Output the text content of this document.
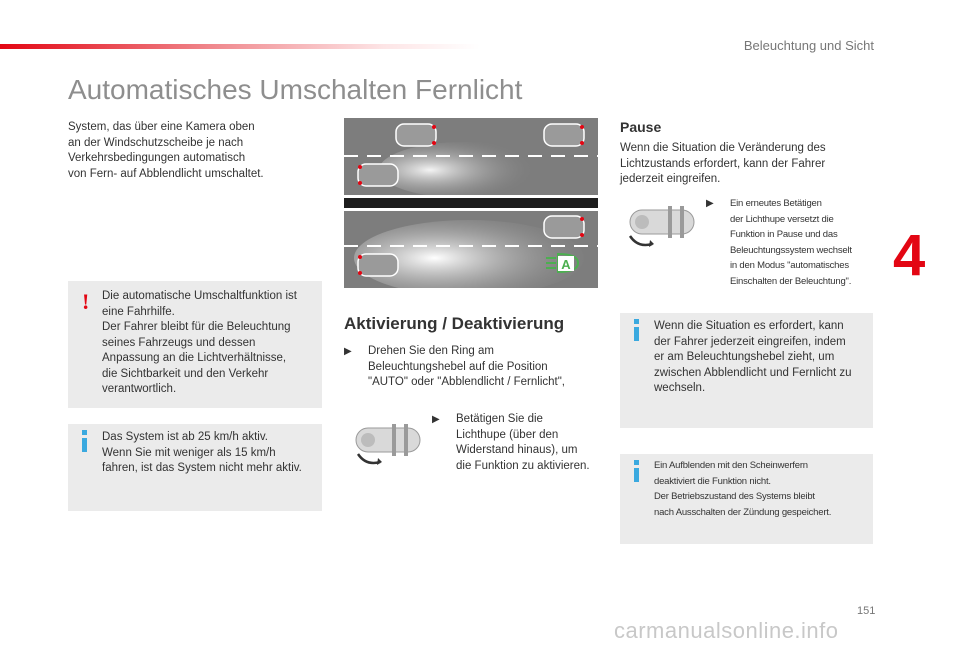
Beleuchtung und Sicht
Automatisches Umschalten Fernlicht

System, das über eine Kamera oben
an der Windschutzscheibe je nach
Verkehrsbedingungen automatisch
von Fern- auf Abblendlicht umschaltet.

! Die automatische Umschaltfunktion ist
eine Fahrhilfe.
Der Fahrer bleibt für die Beleuchtung
seines Fahrzeugs und dessen
Anpassung an die Lichtverhältnisse,
die Sichtbarkeit und den Verkehr
verantwortlich.
Das System ist ab 25 km/h aktiv.
Wenn Sie mit weniger als 15 km/h
fahren, ist das System nicht mehr aktiv.
A
Aktivierung / Deaktivierung
▶ Drehen Sie den Ring am
Beleuchtungshebel auf die Position
"AUTO" oder "Abblendlicht / Fernlicht",
▶ Betätigen Sie die
Lichthupe (über den
Widerstand hinaus), um
die Funktion zu aktivieren.
Pause

Wenn die Situation die Veränderung des
Lichtzustands erfordert, kann der Fahrer
jederzeit eingreifen.

▶ Ein erneutes Betätigen
der Lichthupe versetzt die
Funktion in Pause und das
Beleuchtungssystem wechselt
in den Modus "automatisches
Einschalten der Beleuchtung".
Wenn die Situation es erfordert, kann
der Fahrer jederzeit eingreifen, indem
er am Beleuchtungshebel zieht, um
zwischen Abblendlicht und Fernlicht zu
wechseln.
Ein Aufblenden mit den Scheinwerfern
deaktiviert die Funktion nicht.
Der Betriebszustand des Systems bleibt
nach Ausschalten der Zündung gespeichert.
4
151
carmanualsonline.info
